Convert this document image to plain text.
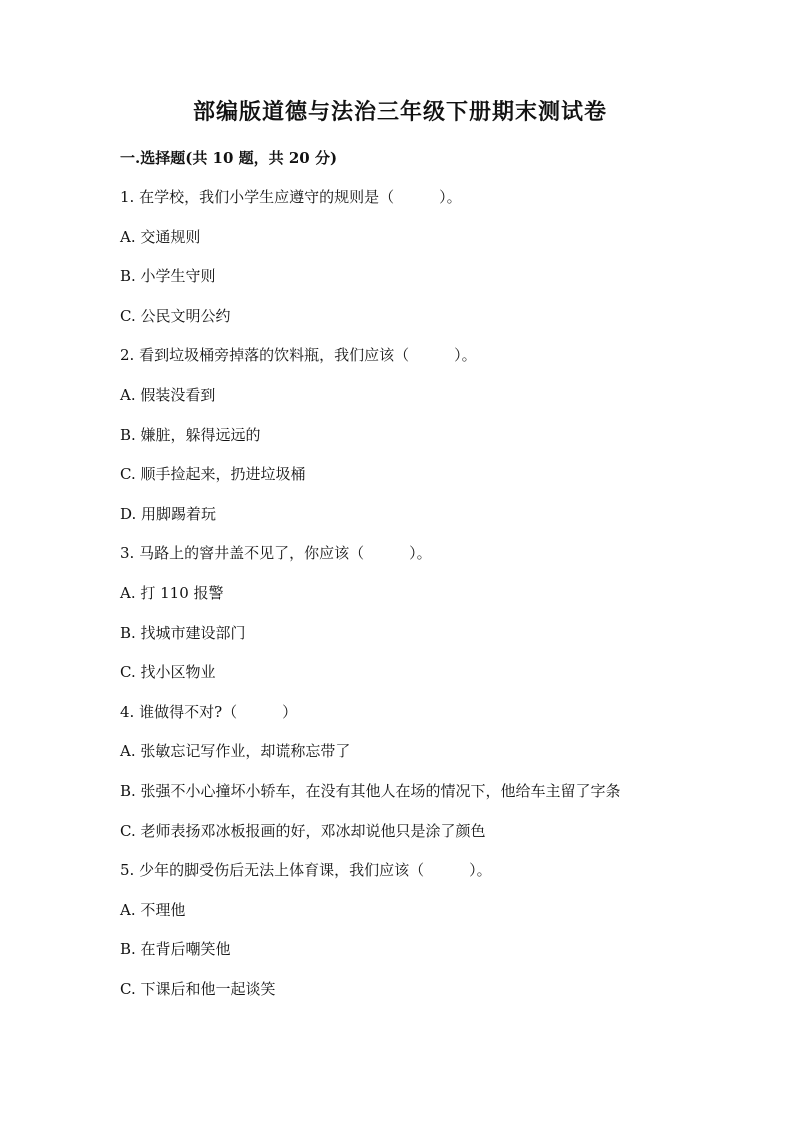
部编版道德与法治三年级下册期末测试卷
一.选择题(共 10 题，共 20 分)
1. 在学校，我们小学生应遵守的规则是（　　　）。
A. 交通规则
B. 小学生守则
C. 公民文明公约
2. 看到垃圾桶旁掉落的饮料瓶，我们应该（　　　）。
A. 假装没看到
B. 嫌脏，躲得远远的
C. 顺手捡起来，扔进垃圾桶
D. 用脚踢着玩
3. 马路上的窨井盖不见了，你应该（　　　）。
A. 打 110 报警
B. 找城市建设部门
C. 找小区物业
4. 谁做得不对?（　　　）
A. 张敏忘记写作业，却谎称忘带了
B. 张强不小心撞坏小轿车，在没有其他人在场的情况下，他给车主留了字条
C. 老师表扬邓冰板报画的好，邓冰却说他只是涂了颜色
5. 少年的脚受伤后无法上体育课，我们应该（　　　）。
A. 不理他
B. 在背后嘲笑他
C. 下课后和他一起谈笑
